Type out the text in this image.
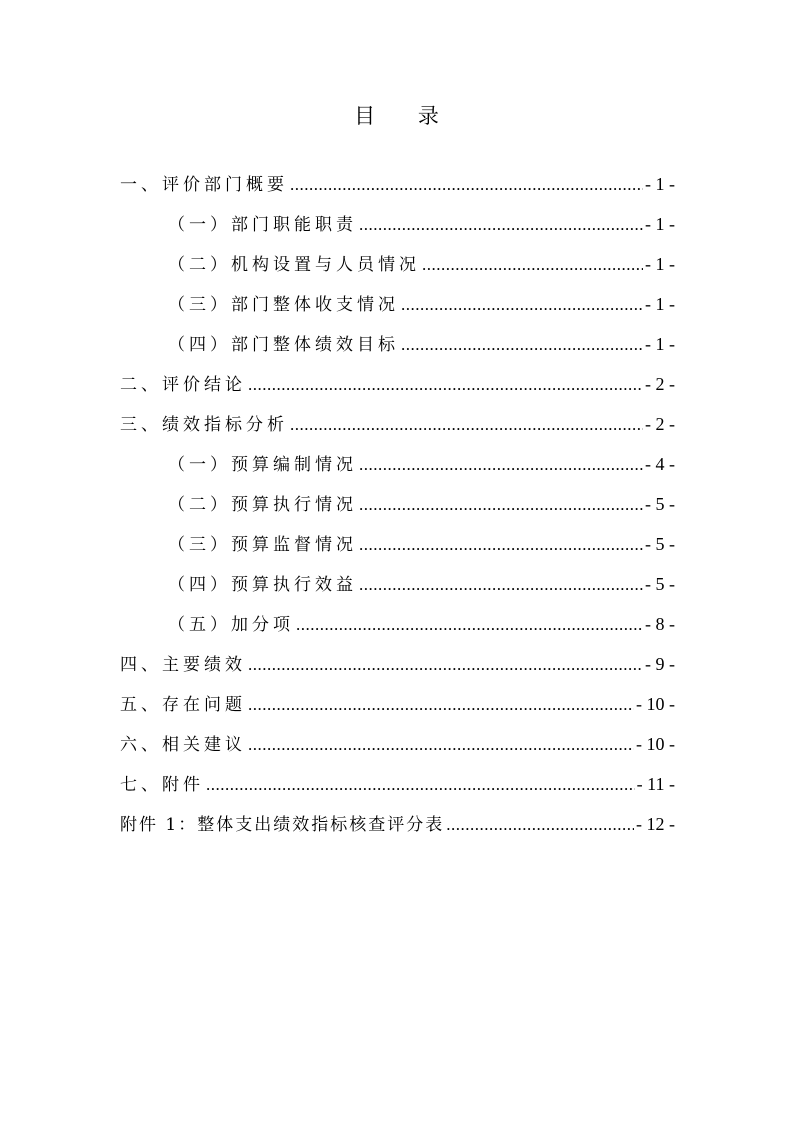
目 录
一、评价部门概要 .....	- 1 -
（一）部门职能职责 .....	- 1 -
（二）机构设置与人员情况 .....	- 1 -
（三）部门整体收支情况 .....	- 1 -
（四）部门整体绩效目标 .....	- 1 -
二、评价结论 .....	- 2 -
三、绩效指标分析 .....	- 2 -
（一）预算编制情况 .....	- 4 -
（二）预算执行情况 .....	- 5 -
（三）预算监督情况 .....	- 5 -
（四）预算执行效益 .....	- 5 -
（五）加分项 .....	- 8 -
四、主要绩效 .....	- 9 -
五、存在问题 .....	- 10 -
六、相关建议 .....	- 10 -
七、附件 .....	- 11 -
附件 1：整体支出绩效指标核查评分表 .....	- 12 -
